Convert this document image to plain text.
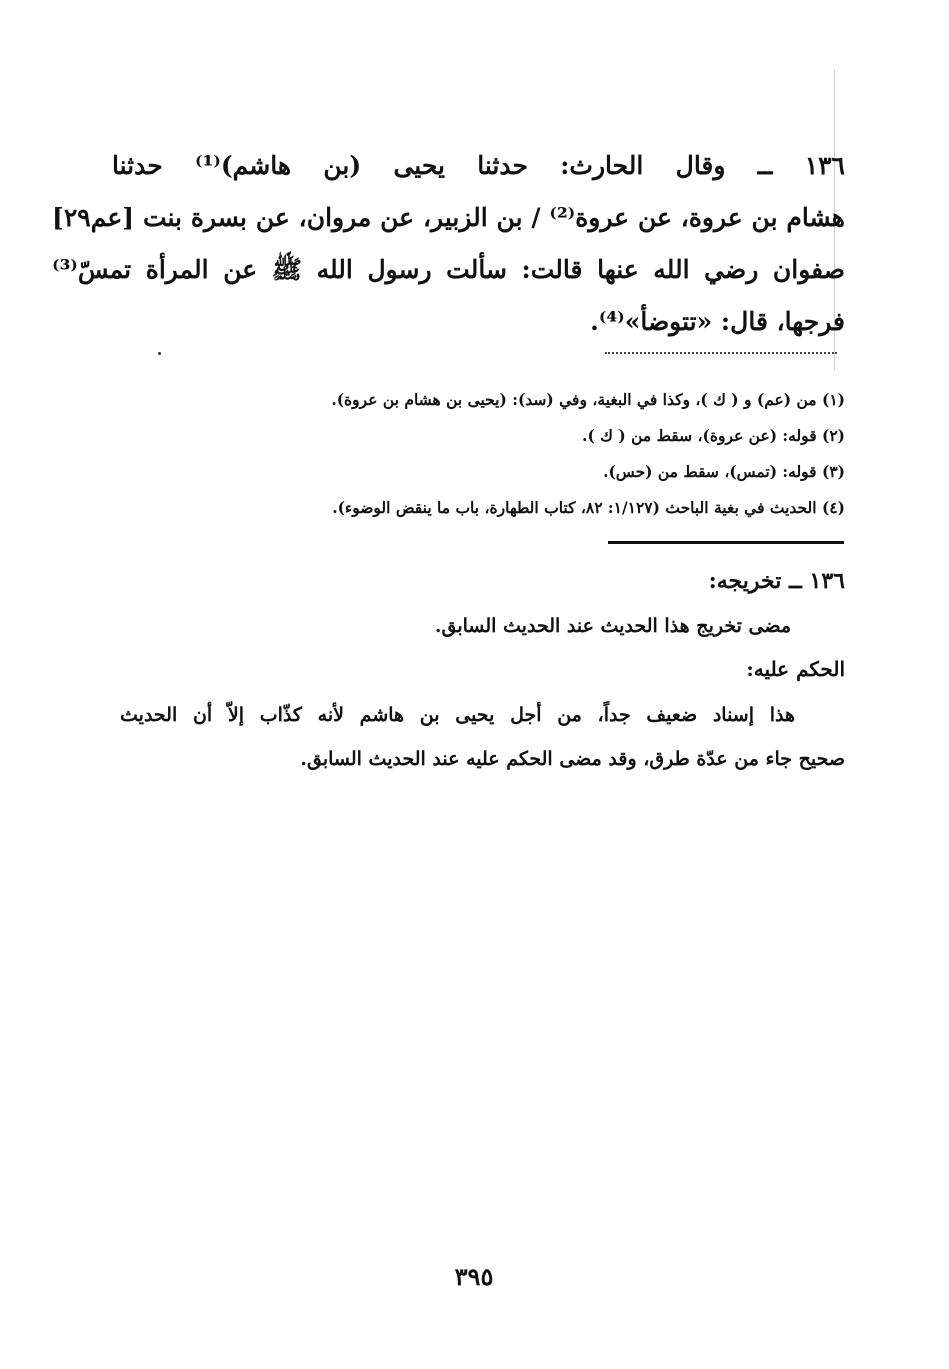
١٣٦ ــ وقال الحارث: حدثنا يحيى (بن هاشم)⁽¹⁾ حدثنا
هشام بن عروة، عن عروة⁽²⁾ / بن الزبير، عن مروان، عن بسرة بنت [عم٢٩]
صفوان رضي الله عنها قالت: سألت رسول الله ﷺ عن المرأة تمسّ⁽³⁾
فرجها، قال: «تتوضأ»⁽⁴⁾.
(١) من (عم) و ( ك )، وكذا في البغية، وفي (سد): (يحيى بن هشام بن عروة).
(٢) قوله: (عن عروة)، سقط من ( ك ).
(٣) قوله: (تمس)، سقط من (حس).
(٤) الحديث في بغية الباحث (١/١٢٧: ٨٢، كتاب الطهارة، باب ما ينقض الوضوء).
١٣٦ ــ تخريجه:
مضى تخريج هذا الحديث عند الحديث السابق.
الحكم عليه:
هذا إسناد ضعيف جداً، من أجل يحيى بن هاشم لأنه كذّاب إلاّ أن الحديث
صحيح جاء من عدّة طرق، وقد مضى الحكم عليه عند الحديث السابق.
٣٩٥
